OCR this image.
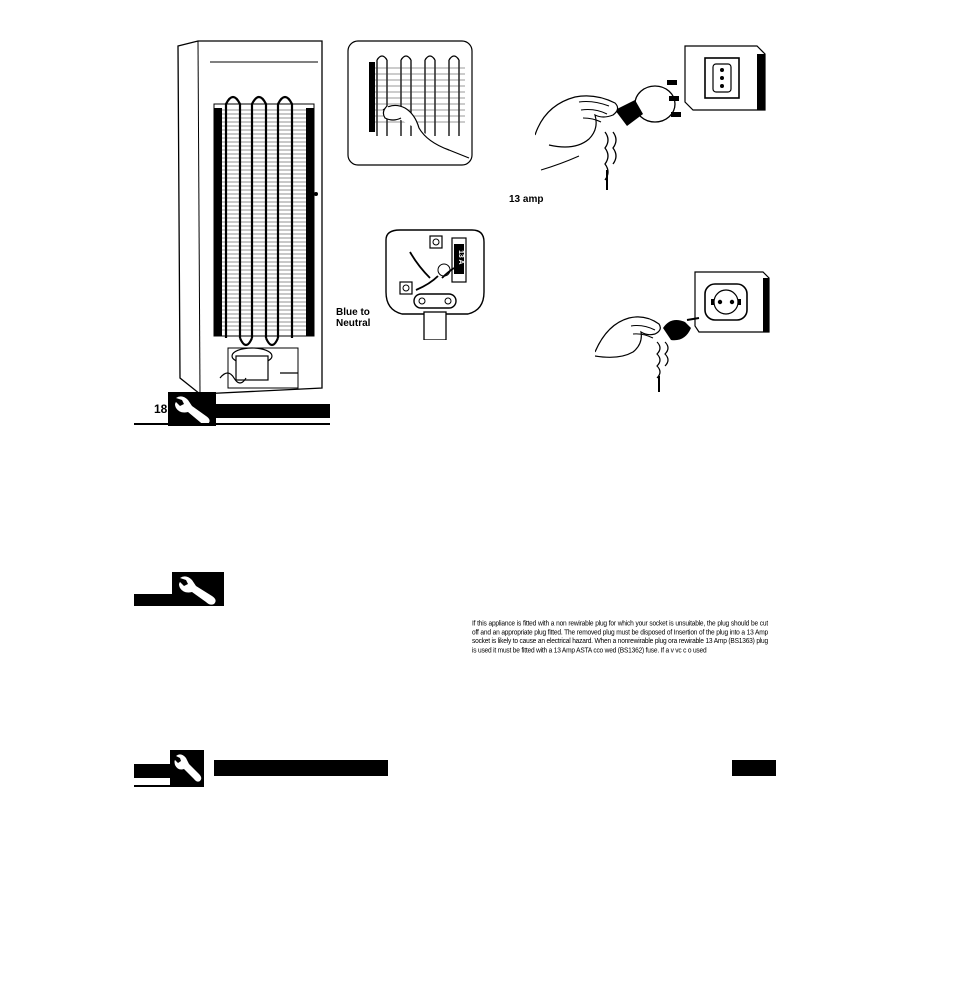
13 amp
13 A
Blue to
Neutral
18
If this appliance is fitted with a non rewirable plug for which your socket is unsuitable, the plug should be cut off and an appropriate plug fitted. The removed plug must be disposed of Insertion of the plug into a 13 Amp socket is likely to cause an electrical hazard. When a nonrewirable plug ora rewirable 13 Amp (BS1363) plug is used it must be fitted with a 13 Amp ASTA cco wed (BS1362) fuse. If a v vc c o used
